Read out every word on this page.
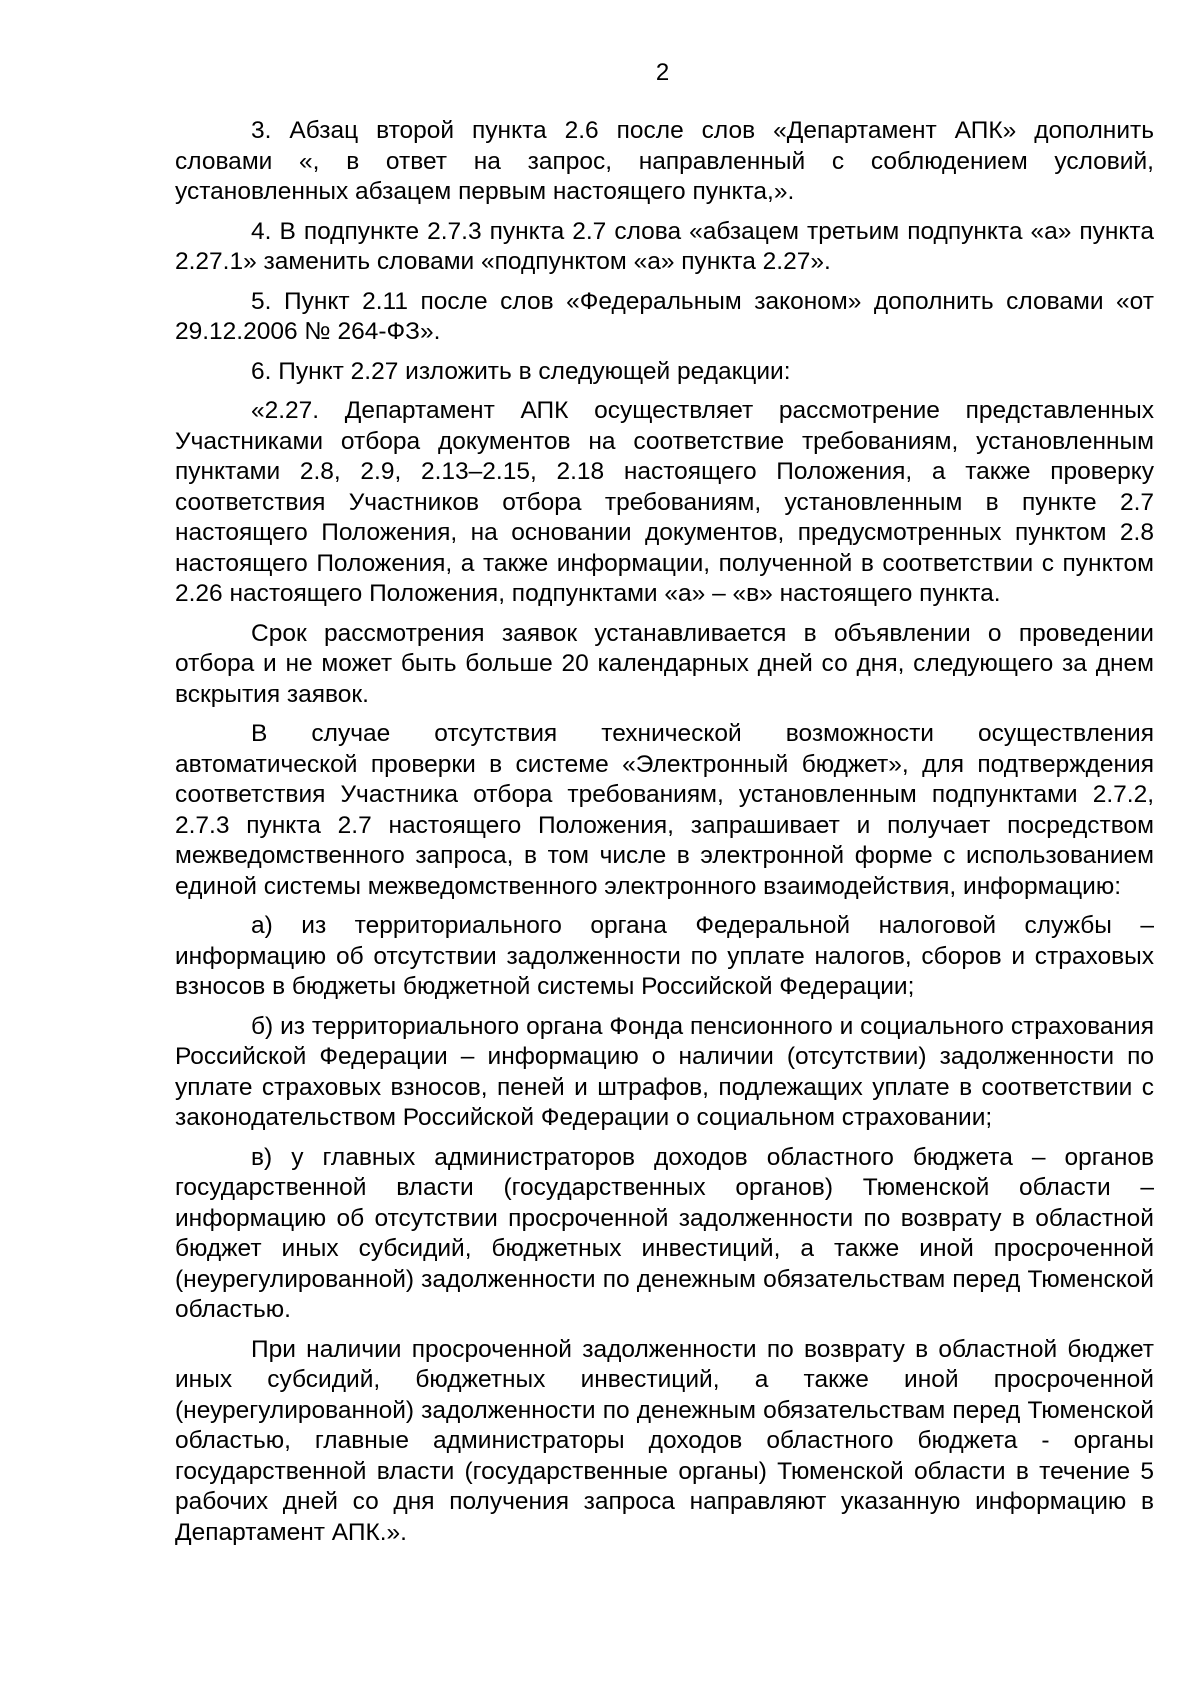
2

3. Абзац второй пункта 2.6 после слов «Департамент АПК» дополнить словами «, в ответ на запрос, направленный с соблюдением условий, установленных абзацем первым настоящего пункта,».

4. В подпункте 2.7.3 пункта 2.7 слова «абзацем третьим подпункта «а» пункта 2.27.1» заменить словами «подпунктом «а» пункта 2.27».

5. Пункт 2.11 после слов «Федеральным законом» дополнить словами «от 29.12.2006 № 264-ФЗ».

6. Пункт 2.27 изложить в следующей редакции:

«2.27. Департамент АПК осуществляет рассмотрение представленных Участниками отбора документов на соответствие требованиям, установленным пунктами 2.8, 2.9, 2.13–2.15, 2.18 настоящего Положения, а также проверку соответствия Участников отбора требованиям, установленным в пункте 2.7 настоящего Положения, на основании документов, предусмотренных пунктом 2.8 настоящего Положения, а также информации, полученной в соответствии с пунктом 2.26 настоящего Положения, подпунктами «а» – «в» настоящего пункта.

Срок рассмотрения заявок устанавливается в объявлении о проведении отбора и не может быть больше 20 календарных дней со дня, следующего за днем вскрытия заявок.

В случае отсутствия технической возможности осуществления автоматической проверки в системе «Электронный бюджет», для подтверждения соответствия Участника отбора требованиям, установленным подпунктами 2.7.2, 2.7.3 пункта 2.7 настоящего Положения, запрашивает и получает посредством межведомственного запроса, в том числе в электронной форме с использованием единой системы межведомственного электронного взаимодействия, информацию:

а) из территориального органа Федеральной налоговой службы – информацию об отсутствии задолженности по уплате налогов, сборов и страховых взносов в бюджеты бюджетной системы Российской Федерации;

б) из территориального органа Фонда пенсионного и социального страхования Российской Федерации – информацию о наличии (отсутствии) задолженности по уплате страховых взносов, пеней и штрафов, подлежащих уплате в соответствии с законодательством Российской Федерации о социальном страховании;

в) у главных администраторов доходов областного бюджета – органов государственной власти (государственных органов) Тюменской области – информацию об отсутствии просроченной задолженности по возврату в областной бюджет иных субсидий, бюджетных инвестиций, а также иной просроченной (неурегулированной) задолженности по денежным обязательствам перед Тюменской областью.

При наличии просроченной задолженности по возврату в областной бюджет иных субсидий, бюджетных инвестиций, а также иной просроченной (неурегулированной) задолженности по денежным обязательствам перед Тюменской областью, главные администраторы доходов областного бюджета - органы государственной власти (государственные органы) Тюменской области в течение 5 рабочих дней со дня получения запроса направляют указанную информацию в Департамент АПК.».
